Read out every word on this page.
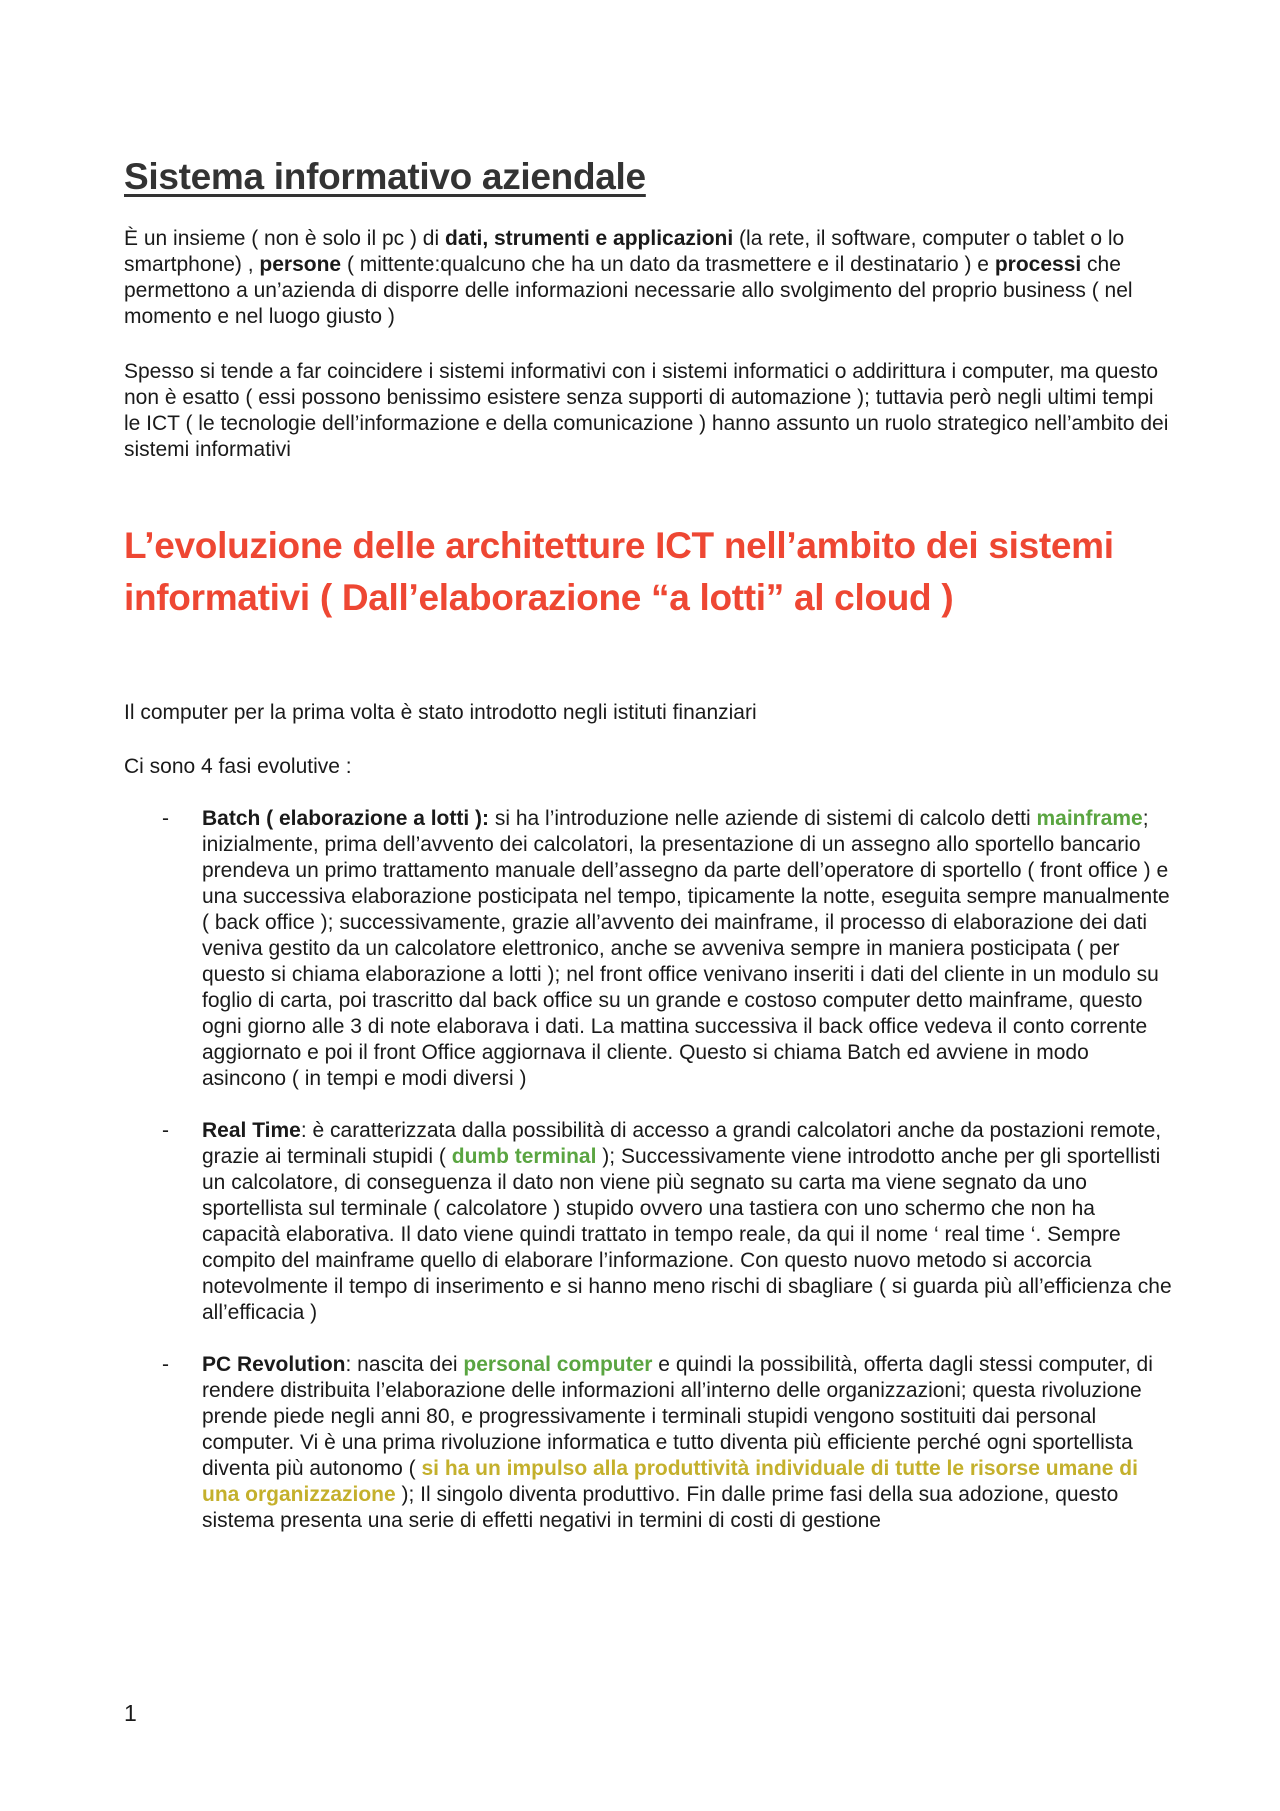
Sistema informativo aziendale

È un insieme ( non è solo il pc ) di dati, strumenti e applicazioni (la rete, il software, computer o tablet o lo smartphone) , persone ( mittente:qualcuno che ha un dato da trasmettere e il destinatario ) e processi che permettono a un’azienda di disporre delle informazioni necessarie allo svolgimento del proprio business ( nel momento e nel luogo giusto )

Spesso si tende a far coincidere i sistemi informativi con i sistemi informatici o addirittura i computer, ma questo non è esatto ( essi possono benissimo esistere senza supporti di automazione ); tuttavia però negli ultimi tempi le ICT ( le tecnologie dell’informazione e della comunicazione ) hanno assunto un ruolo strategico nell’ambito dei sistemi informativi

L’evoluzione delle architetture ICT nell’ambito dei sistemi informativi ( Dall’elaborazione “a lotti” al cloud )

Il computer per la prima volta è stato introdotto negli istituti finanziari

Ci sono 4 fasi evolutive :

- Batch ( elaborazione a lotti ): si ha l’introduzione nelle aziende di sistemi di calcolo detti mainframe; inizialmente, prima dell’avvento dei calcolatori, la presentazione di un assegno allo sportello bancario prendeva un primo trattamento manuale dell’assegno da parte dell’operatore di sportello ( front office ) e una successiva elaborazione posticipata nel tempo, tipicamente la notte, eseguita sempre manualmente ( back office ); successivamente, grazie all’avvento dei mainframe, il processo di elaborazione dei dati veniva gestito da un calcolatore elettronico, anche se avveniva sempre in maniera posticipata ( per questo si chiama elaborazione a lotti ); nel front office venivano inseriti i dati del cliente in un modulo su foglio di carta, poi trascritto dal back office su un grande e costoso computer detto mainframe, questo ogni giorno alle 3 di note elaborava i dati. La mattina successiva il back office vedeva il conto corrente aggiornato e poi il front Office aggiornava il cliente. Questo si chiama Batch ed avviene in modo asincono ( in tempi e modi diversi )
- Real Time: è caratterizzata dalla possibilità di accesso a grandi calcolatori anche da postazioni remote, grazie ai terminali stupidi ( dumb terminal ); Successivamente viene introdotto anche per gli sportellisti un calcolatore, di conseguenza il dato non viene più segnato su carta ma viene segnato da uno sportellista sul terminale ( calcolatore ) stupido ovvero una tastiera con uno schermo che non ha capacità elaborativa. Il dato viene quindi trattato in tempo reale, da qui il nome ‘ real time ‘. Sempre compito del mainframe quello di elaborare l’informazione. Con questo nuovo metodo si accorcia notevolmente il tempo di inserimento e si hanno meno rischi di sbagliare ( si guarda più all’efficienza che all’efficacia )
- PC Revolution: nascita dei personal computer e quindi la possibilità, offerta dagli stessi computer, di rendere distribuita l’elaborazione delle informazioni all’interno delle organizzazioni; questa rivoluzione prende piede negli anni 80, e progressivamente i terminali stupidi vengono sostituiti dai personal computer. Vi è una prima rivoluzione informatica e tutto diventa più efficiente perché ogni sportellista diventa più autonomo ( si ha un impulso alla produttività individuale di tutte le risorse umane di una organizzazione ); Il singolo diventa produttivo. Fin dalle prime fasi della sua adozione, questo sistema presenta una serie di effetti negativi in termini di costi di gestione
1
